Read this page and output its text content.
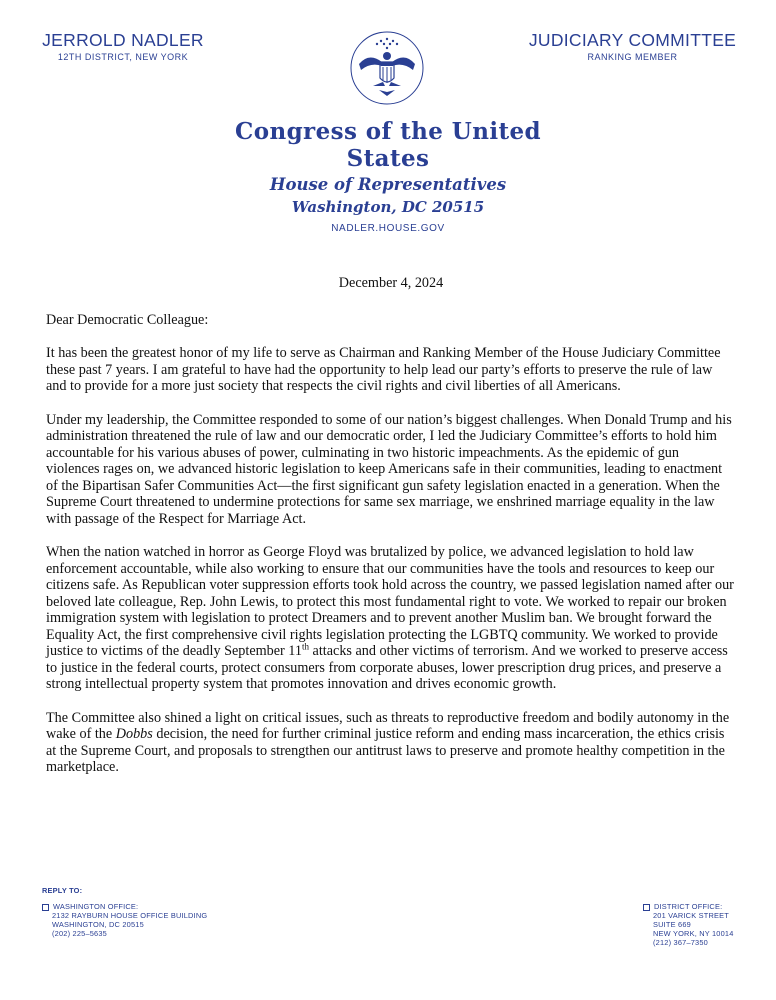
JERROLD NADLER
12TH DISTRICT, NEW YORK
JUDICIARY COMMITTEE
RANKING MEMBER
Congress of the United States
House of Representatives
Washington, DC 20515
NADLER.HOUSE.GOV
December 4, 2024

Dear Democratic Colleague:

It has been the greatest honor of my life to serve as Chairman and Ranking Member of the House Judiciary Committee these past 7 years. I am grateful to have had the opportunity to help lead our party’s efforts to preserve the rule of law and to provide for a more just society that respects the civil rights and civil liberties of all Americans.

Under my leadership, the Committee responded to some of our nation’s biggest challenges. When Donald Trump and his administration threatened the rule of law and our democratic order, I led the Judiciary Committee’s efforts to hold him accountable for his various abuses of power, culminating in two historic impeachments. As the epidemic of gun violences rages on, we advanced historic legislation to keep Americans safe in their communities, leading to enactment of the Bipartisan Safer Communities Act—the first significant gun safety legislation enacted in a generation. When the Supreme Court threatened to undermine protections for same sex marriage, we enshrined marriage equality in the law with passage of the Respect for Marriage Act.

When the nation watched in horror as George Floyd was brutalized by police, we advanced legislation to hold law enforcement accountable, while also working to ensure that our communities have the tools and resources to keep our citizens safe. As Republican voter suppression efforts took hold across the country, we passed legislation named after our beloved late colleague, Rep. John Lewis, to protect this most fundamental right to vote. We worked to repair our broken immigration system with legislation to protect Dreamers and to prevent another Muslim ban. We brought forward the Equality Act, the first comprehensive civil rights legislation protecting the LGBTQ community. We worked to provide justice to victims of the deadly September 11th attacks and other victims of terrorism. And we worked to preserve access to justice in the federal courts, protect consumers from corporate abuses, lower prescription drug prices, and preserve a strong intellectual property system that promotes innovation and drives economic growth.

The Committee also shined a light on critical issues, such as threats to reproductive freedom and bodily autonomy in the wake of the Dobbs decision, the need for further criminal justice reform and ending mass incarceration, the ethics crisis at the Supreme Court, and proposals to strengthen our antitrust laws to preserve and promote healthy competition in the marketplace.

REPLY TO:
WASHINGTON OFFICE:
2132 RAYBURN HOUSE OFFICE BUILDING
WASHINGTON, DC 20515
(202) 225–5635
DISTRICT OFFICE:
201 VARICK STREET
SUITE 669
NEW YORK, NY 10014
(212) 367–7350
